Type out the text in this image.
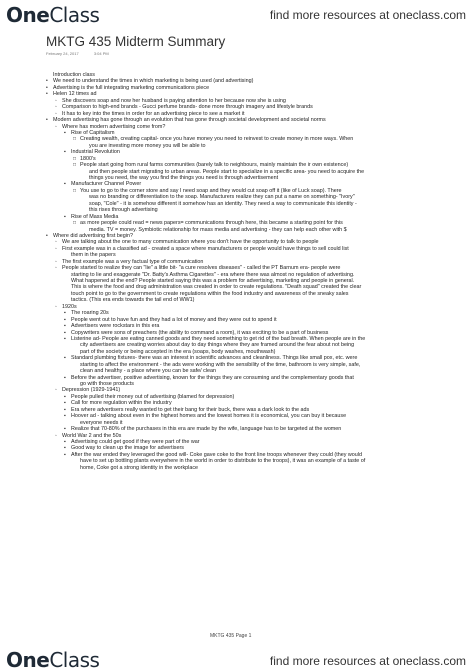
OneClass	find more resources at oneclass.com
MKTG 435 Midterm Summary
February 24, 2017	3:04 PM
Introduction class
• We need to understand the times in which marketing is being used (and advertising)
• Advertising is the full integrating marketing communications piece
• Helen 12 times ad
◦ She discovers soap and now her husband is paying attention to her because now she is using
◦ Comparison to high-end brands - Gucci perfume brands- done more through imagery and lifestyle brands
◦ It has to key into the times in order for an advertising piece to see a market it
• Modern advertising has gone through an evolution that has gone through societal development and societal norms
◦ Where has modern advertising come from?
▪ Rise of Capitalism
□ Creating wealth, creating capital- once you have money you need to reinvest to create money in more ways. When
you are investing more money you will be able to
▪ Industrial Revolution
□ 1800's
□ People start going from rural farms communities (barely talk to neighbours, mainly maintain the ir own existence)
and then people start migrating to urban areas. People start to specialize in a specific area- you need to acquire the
things you need, the way you find the things you need is through advertisement
▪ Manufacturer Channel Power
□ You use to go to the corner store and say I need soap and they would cut soap off it (like of Luck soap). There
was no branding or differentiation to the soap. Manufacturers realize they can put a name on something- "Ivory"
soap, "Cole" - it is somehow different it somehow has an identity. They need a way to communicate this identity -
this rises through advertising
▪ Rise of Mass Media
□ as more people could read = news papers= communications through here, this became a starting point for this
media. TV = money. Symbiotic relationship for mass media and advertising - they can help each other with $
• Where did advertising first begin?
◦ We are talking about the one to many communication where you don't have the opportunity to talk to people
◦ First example was in a classified ad - created a space where manufacturers or people would have things to sell could list
them in the papers
◦ The first example was a very factual type of communication
◦ People started to realize they can "lie" a little bit- "a cure resolves diseases" - called the PT Barnum era- people were
starting to lie and exaggerate "Dr. Batty's Asthma Cigarettes" - era where there was almost no regulation of advertising.
What happened at the end? People started saying this was a problem for advertising, marketing and people in general.
This is where the food and drug administration was created in order to create regulations. "Death squad" created the clear
touch point to go to the government to create regulations within the food industry and awareness of the sneaky sales
tactics. (This era ends towards the tail end of WW1)
◦ 1920s
▪ The roaring 20s
▪ People went out to have fun and they had a lot of money and they were out to spend it
▪ Advertisers were rockstars in this era
▪ Copywriters were sons of preachers (the ability to command a room), it was exciting to be a part of business
▪ Listerine ad- People are eating canned goods and they need something to get rid of the bad breath. When people are in the
city advertisers are creating worries about day to day things where they are framed around the fear about not being
part of the society or being accepted in the era (soaps, body washes, mouthwash)
▪ Standard plumbing fixtures- there was an interest in scientific advances and cleanliness. Things like small pox, etc. were
starting to affect the environment - the ads were working with the sensibility of the time, bathroom is very simple, safe,
clean and healthy - a place where you can be safe/ clean
▪ Before the advertiser, positive advertising, known for the things they are consuming and the complementary goods that
go with those products
◦ Depression (1929-1941)
▪ People pulled their money out of advertising (blamed for depression)
▪ Call for more regulation within the industry
▪ Era where advertisers really wanted to get their bang for their buck, there was a dark look to the ads
▪ Hoover ad - talking about even in the highest homes and the lowest homes it is economical, you can buy it because
everyone needs it
▪ Realize that 70-80% of the purchases in this era are made by the wife, language has to be targeted at the women
◦ World War 2 and the 50s
▪ Advertising could get good if they were part of the war
▪ Good way to clean up the image for advertisers
▪ After the war ended they leveraged the good will- Coke gave coke to the front line troops whenever they could (they would
have to set up bottling plants everywhere in the world in order to distribute to the troops), it was an example of a taste of
home, Coke got a strong identity in the workplace
MKTG 435 Page 1
OneClass	find more resources at oneclass.com
